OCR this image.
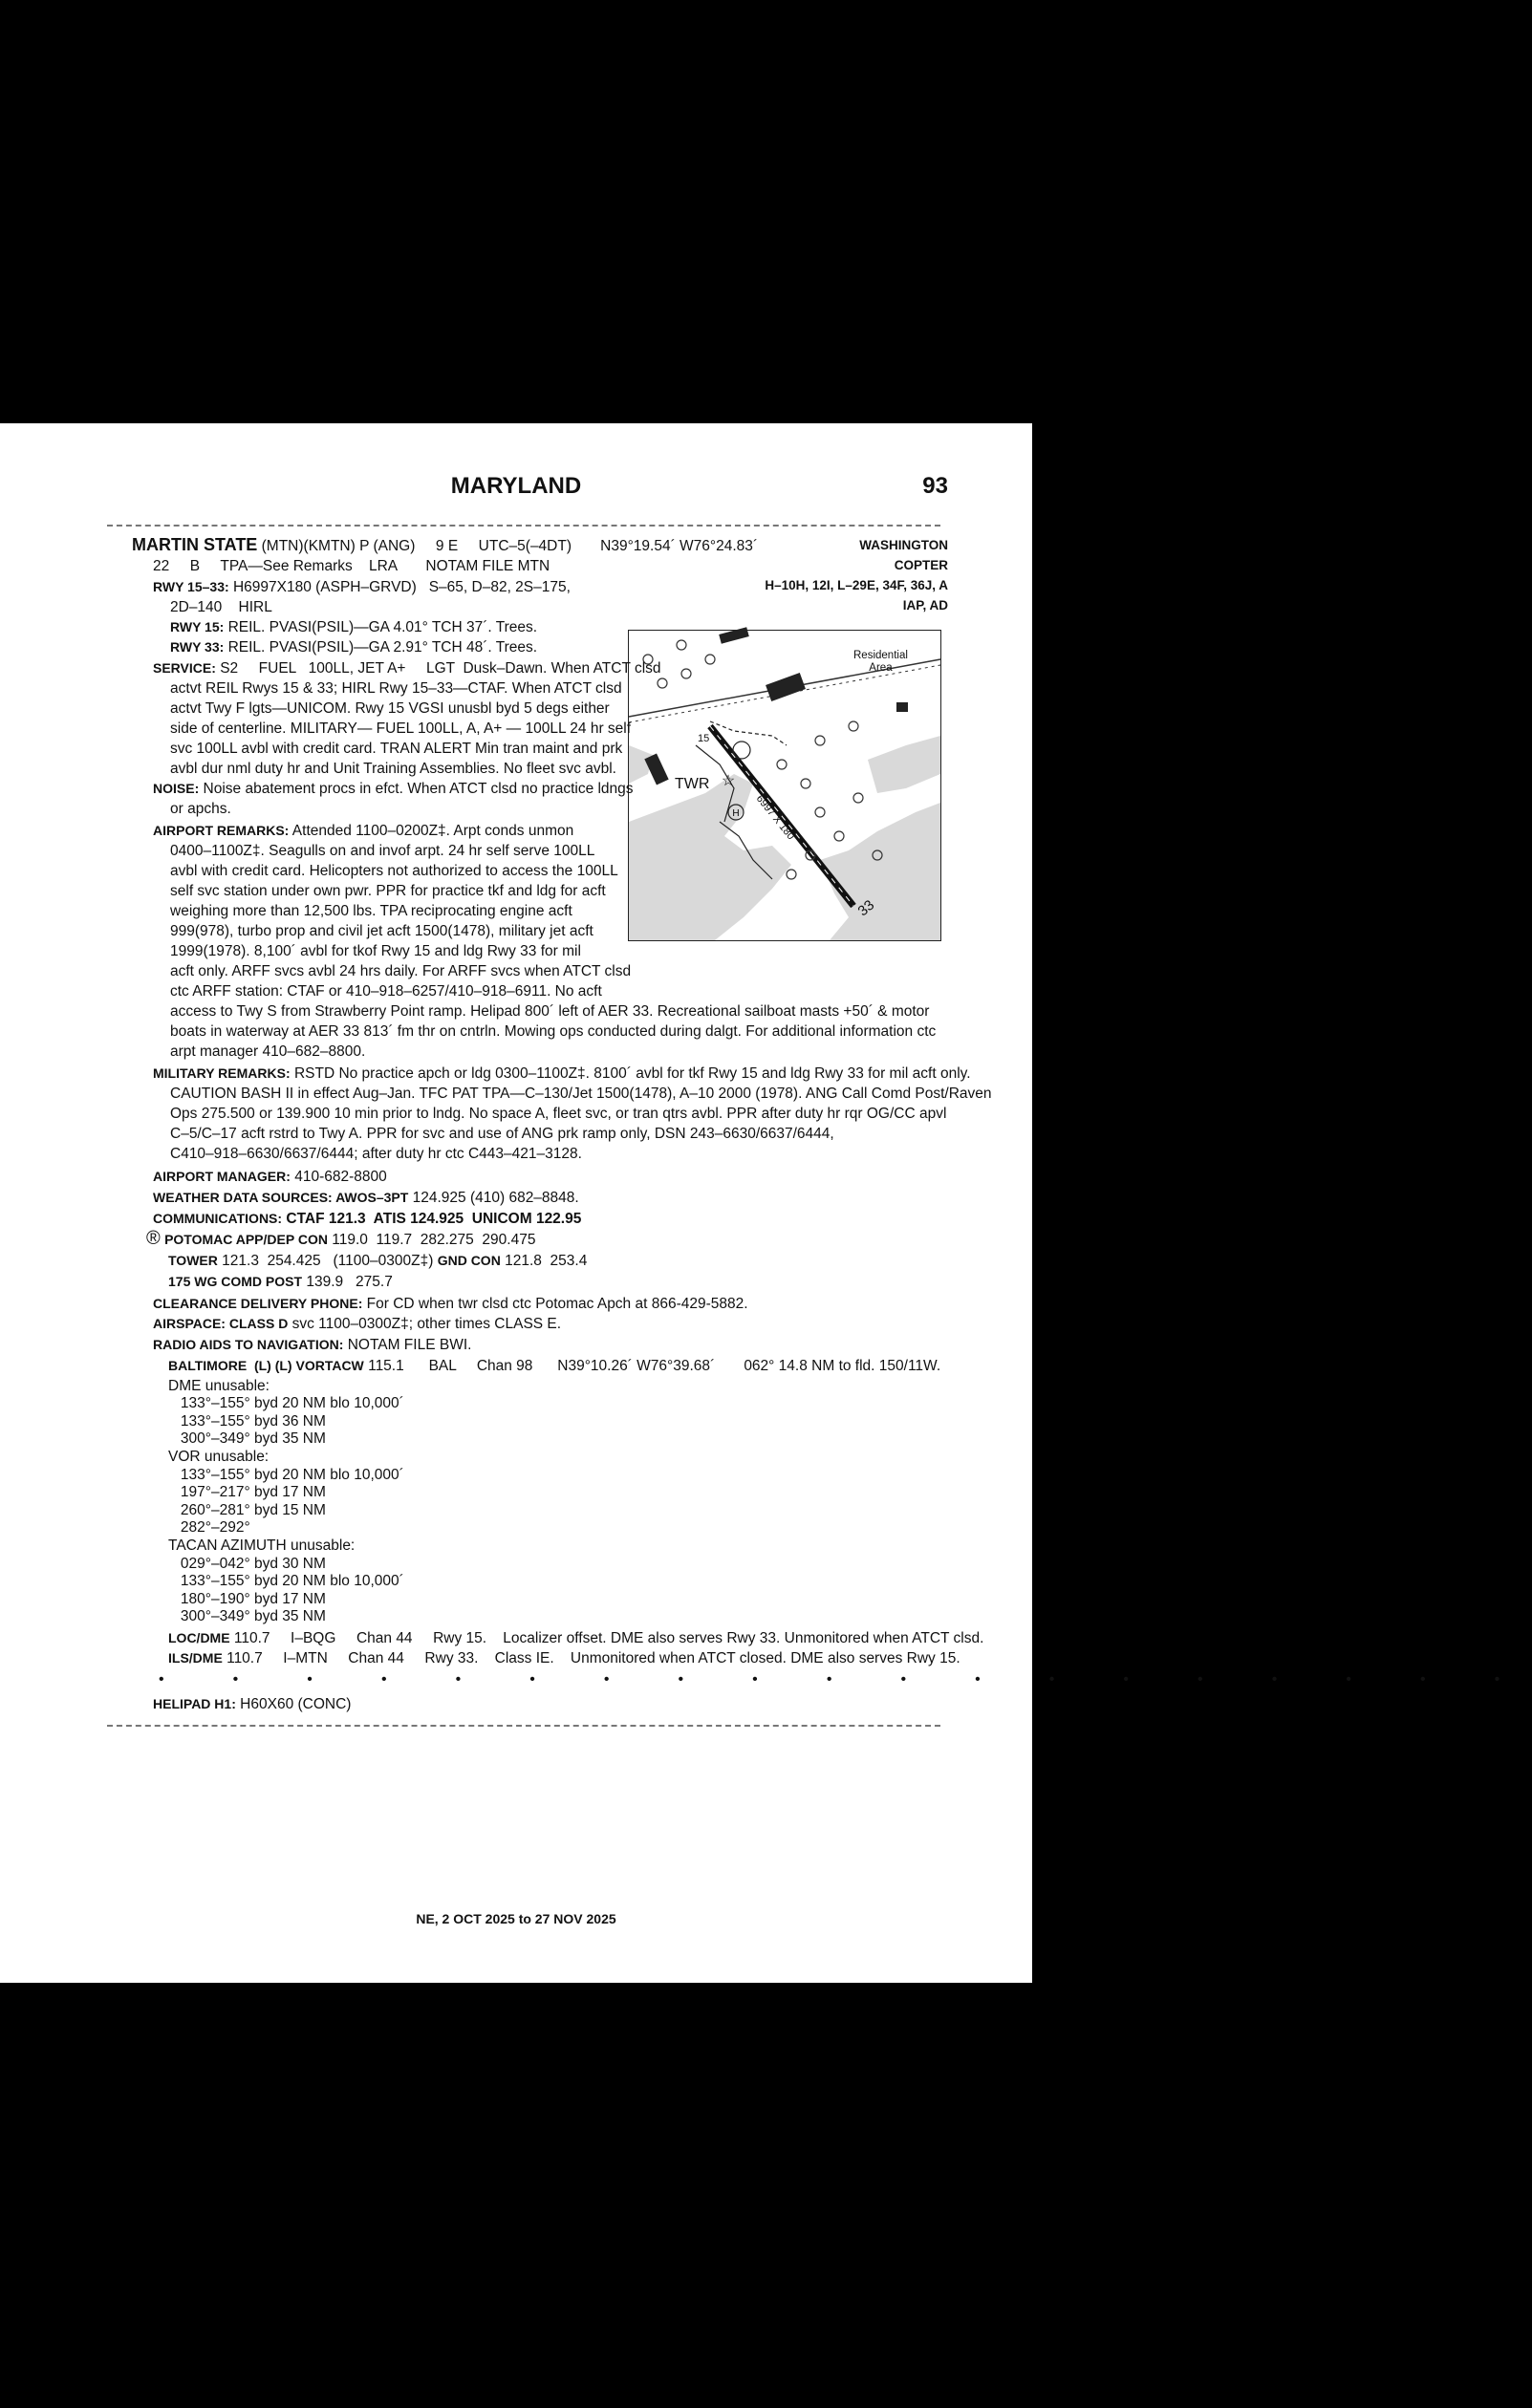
MARYLAND	93
MARTIN STATE (MTN)(KMTN) P (ANG)     9 E     UTC–5(–4DT)       N39°19.54´ W76°24.83´
22     B     TPA—See Remarks    LRA       NOTAM FILE MTN
WASHINGTON
COPTER
H–10H, 12I, L–29E, 34F, 36J, A
IAP, AD
RWY 15–33: H6997X180 (ASPH–GRVD)   S–65, D–82, 2S–175,
2D–140    HIRL
RWY 15: REIL. PVASI(PSIL)—GA 4.01° TCH 37´. Trees.
RWY 33: REIL. PVASI(PSIL)—GA 2.91° TCH 48´. Trees.
☆
H
Residential
Area
TWR
6997 X 180
15
33
SERVICE: S2     FUEL   100LL, JET A+     LGT  Dusk–Dawn. When ATCT clsd
actvt REIL Rwys 15 & 33; HIRL Rwy 15–33—CTAF. When ATCT clsd
actvt Twy F lgts—UNICOM. Rwy 15 VGSI unusbl byd 5 degs either
side of centerline. MILITARY— FUEL 100LL, A, A+ — 100LL 24 hr self
svc 100LL avbl with credit card. TRAN ALERT Min tran maint and prk
avbl dur nml duty hr and Unit Training Assemblies. No fleet svc avbl.
NOISE: Noise abatement procs in efct. When ATCT clsd no practice ldngs
or apchs.
AIRPORT REMARKS: Attended 1100–0200Z‡. Arpt conds unmon
0400–1100Z‡. Seagulls on and invof arpt. 24 hr self serve 100LL
avbl with credit card. Helicopters not authorized to access the 100LL
self svc station under own pwr. PPR for practice tkf and ldg for acft
weighing more than 12,500 lbs. TPA reciprocating engine acft
999(978), turbo prop and civil jet acft 1500(1478), military jet acft
1999(1978). 8,100´ avbl for tkof Rwy 15 and ldg Rwy 33 for mil
acft only. ARFF svcs avbl 24 hrs daily. For ARFF svcs when ATCT clsd
ctc ARFF station: CTAF or 410–918–6257/410–918–6911. No acft
access to Twy S from Strawberry Point ramp. Helipad 800´ left of AER 33. Recreational sailboat masts +50´ & motor
boats in waterway at AER 33 813´ fm thr on cntrln. Mowing ops conducted during dalgt. For additional information ctc
arpt manager 410–682–8800.
MILITARY REMARKS: RSTD No practice apch or ldg 0300–1100Z‡. 8100´ avbl for tkf Rwy 15 and ldg Rwy 33 for mil acft only.
CAUTION BASH II in effect Aug–Jan. TFC PAT TPA—C–130/Jet 1500(1478), A–10 2000 (1978). ANG Call Comd Post/Raven
Ops 275.500 or 139.900 10 min prior to lndg. No space A, fleet svc, or tran qtrs avbl. PPR after duty hr rqr OG/CC apvl
C–5/C–17 acft rstrd to Twy A. PPR for svc and use of ANG prk ramp only, DSN 243–6630/6637/6444,
C410–918–6630/6637/6444; after duty hr ctc C443–421–3128.
AIRPORT MANAGER: 410-682-8800
WEATHER DATA SOURCES: AWOS–3PT 124.925 (410) 682–8848.
COMMUNICATIONS: CTAF 121.3  ATIS 124.925  UNICOM 122.95
® POTOMAC APP/DEP CON 119.0  119.7  282.275  290.475
TOWER 121.3  254.425   (1100–0300Z‡) GND CON 121.8  253.4
175 WG COMD POST 139.9   275.7
CLEARANCE DELIVERY PHONE: For CD when twr clsd ctc Potomac Apch at 866-429-5882.
AIRSPACE: CLASS D svc 1100–0300Z‡; other times CLASS E.
RADIO AIDS TO NAVIGATION: NOTAM FILE BWI.
BALTIMORE  (L) (L) VORTACW 115.1      BAL     Chan 98      N39°10.26´ W76°39.68´       062° 14.8 NM to fld. 150/11W.
DME unusable:
133°–155° byd 20 NM blo 10,000´
133°–155° byd 36 NM
300°–349° byd 35 NM
VOR unusable:
133°–155° byd 20 NM blo 10,000´
197°–217° byd 17 NM
260°–281° byd 15 NM
282°–292°
TACAN AZIMUTH unusable:
029°–042° byd 30 NM
133°–155° byd 20 NM blo 10,000´
180°–190° byd 17 NM
300°–349° byd 35 NM
LOC/DME 110.7     I–BQG     Chan 44     Rwy 15.    Localizer offset. DME also serves Rwy 33. Unmonitored when ATCT clsd.
ILS/DME 110.7     I–MTN     Chan 44     Rwy 33.    Class IE.    Unmonitored when ATCT closed. DME also serves Rwy 15.
• • • • • • • • • • • • • • • • • • •
HELIPAD H1: H60X60 (CONC)
NE, 2 OCT 2025 to 27 NOV 2025
